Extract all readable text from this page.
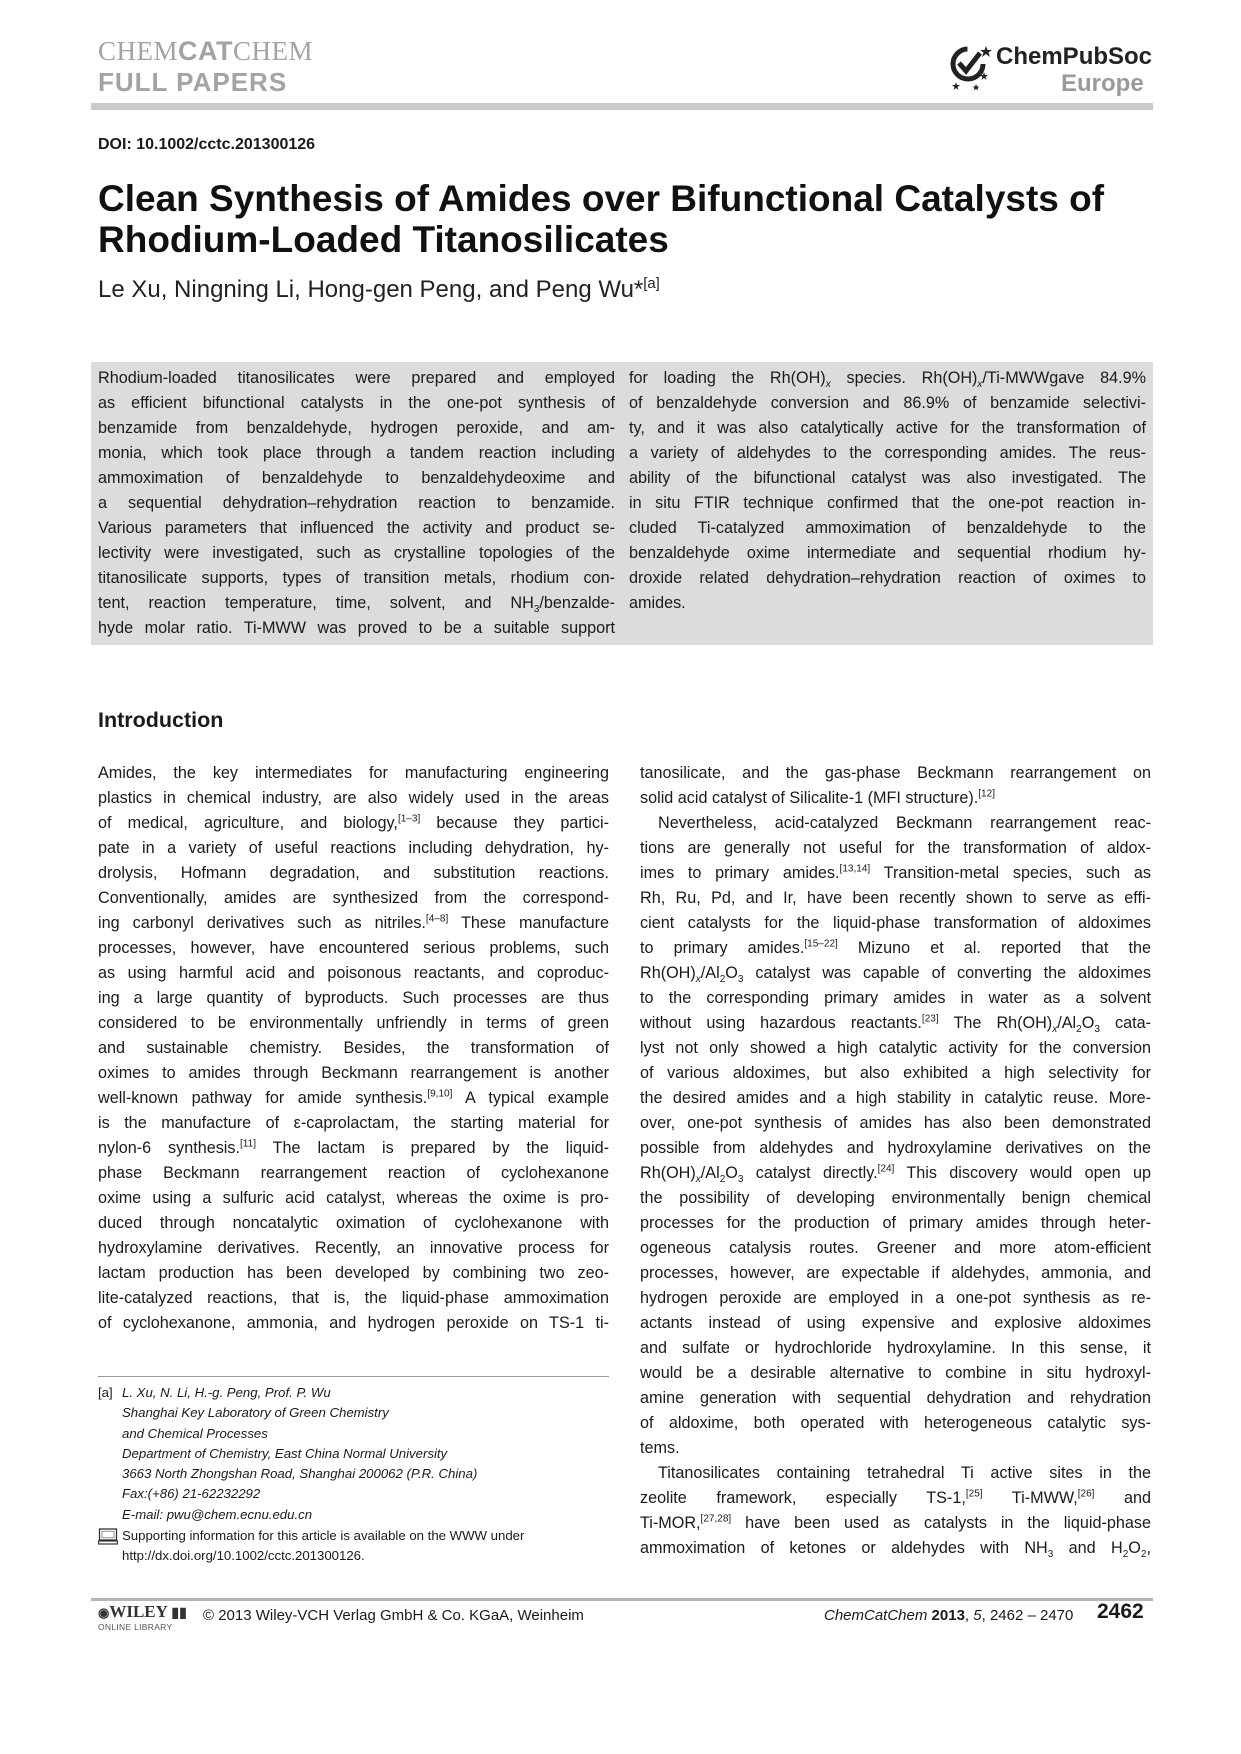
CHEMCATCHEM
FULL PAPERS
ChemPubSoc
Europe
DOI: 10.1002/cctc.201300126
Clean Synthesis of Amides over Bifunctional Catalysts of
Rhodium-Loaded Titanosilicates
Le Xu, Ningning Li, Hong-gen Peng, and Peng Wu*[a]
Rhodium-loaded titanosilicates were prepared and employed
as efficient bifunctional catalysts in the one-pot synthesis of
benzamide from benzaldehyde, hydrogen peroxide, and am-
monia, which took place through a tandem reaction including
ammoximation of benzaldehyde to benzaldehydeoxime and
a sequential dehydration–rehydration reaction to benzamide.
Various parameters that influenced the activity and product se-
lectivity were investigated, such as crystalline topologies of the
titanosilicate supports, types of transition metals, rhodium con-
tent, reaction temperature, time, solvent, and $NH_3/benzalde-$
hyde molar ratio. Ti-MWW was proved to be a suitable support
for loading the $Rh(OH)_x$ species. $Rh(OH)_x/Ti$-MWWgave 84.9%
of benzaldehyde conversion and 86.9% of benzamide selectivi-
ty, and it was also catalytically active for the transformation of
a variety of aldehydes to the corresponding amides. The reus-
ability of the bifunctional catalyst was also investigated. The
in situ FTIR technique confirmed that the one-pot reaction in-
cluded Ti-catalyzed ammoximation of benzaldehyde to the
benzaldehyde oxime intermediate and sequential rhodium hy-
droxide related dehydration–rehydration reaction of oximes to
amides.
Introduction
Amides, the key intermediates for manufacturing engineering
plastics in chemical industry, are also widely used in the areas
of medical, agriculture, and biology,[1–3] because they partici-
pate in a variety of useful reactions including dehydration, hy-
drolysis, Hofmann degradation, and substitution reactions.
Conventionally, amides are synthesized from the correspond-
ing carbonyl derivatives such as nitriles.[4–8] These manufacture
processes, however, have encountered serious problems, such
as using harmful acid and poisonous reactants, and coproduc-
ing a large quantity of byproducts. Such processes are thus
considered to be environmentally unfriendly in terms of green
and sustainable chemistry. Besides, the transformation of
oximes to amides through Beckmann rearrangement is another
well-known pathway for amide synthesis.[9,10] A typical example
is the manufacture of ε-caprolactam, the starting material for
nylon-6 synthesis.[11] The lactam is prepared by the liquid-
phase Beckmann rearrangement reaction of cyclohexanone
oxime using a sulfuric acid catalyst, whereas the oxime is pro-
duced through noncatalytic oximation of cyclohexanone with
hydroxylamine derivatives. Recently, an innovative process for
lactam production has been developed by combining two zeo-
lite-catalyzed reactions, that is, the liquid-phase ammoximation
of cyclohexanone, ammonia, and hydrogen peroxide on TS-1 ti-
tanosilicate, and the gas-phase Beckmann rearrangement on
solid acid catalyst of Silicalite-1 (MFI structure).[12]
Nevertheless, acid-catalyzed Beckmann rearrangement reac-
tions are generally not useful for the transformation of aldox-
imes to primary amides.[13,14] Transition-metal species, such as
Rh, Ru, Pd, and Ir, have been recently shown to serve as effi-
cient catalysts for the liquid-phase transformation of aldoximes
to primary amides.[15–22] Mizuno et al. reported that the
$Rh(OH)_x/Al_2O_3$ catalyst was capable of converting the aldoximes
to the corresponding primary amides in water as a solvent
without using hazardous reactants.[23] The $Rh(OH)_x/Al_2O_3$ cata-
lyst not only showed a high catalytic activity for the conversion
of various aldoximes, but also exhibited a high selectivity for
the desired amides and a high stability in catalytic reuse. More-
over, one-pot synthesis of amides has also been demonstrated
possible from aldehydes and hydroxylamine derivatives on the
$Rh(OH)_x/Al_2O_3$ catalyst directly.[24] This discovery would open up
the possibility of developing environmentally benign chemical
processes for the production of primary amides through heter-
ogeneous catalysis routes. Greener and more atom-efficient
processes, however, are expectable if aldehydes, ammonia, and
hydrogen peroxide are employed in a one-pot synthesis as re-
actants instead of using expensive and explosive aldoximes
and sulfate or hydrochloride hydroxylamine. In this sense, it
would be a desirable alternative to combine in situ hydroxyl-
amine generation with sequential dehydration and rehydration
of aldoxime, both operated with heterogeneous catalytic sys-
tems.
Titanosilicates containing tetrahedral Ti active sites in the
zeolite framework, especially TS-1,[25] Ti-MWW,[26] and
Ti-MOR,[27,28] have been used as catalysts in the liquid-phase
ammoximation of ketones or aldehydes with $NH_3$ and $H_2O_2$,
[a] L. Xu, N. Li, H.-g. Peng, Prof. P. Wu
Shanghai Key Laboratory of Green Chemistry
and Chemical Processes
Department of Chemistry, East China Normal University
3663 North Zhongshan Road, Shanghai 200062 (P.R. China)
Fax:(+86) 21-62232292
E-mail: pwu@chem.ecnu.edu.cn
Supporting information for this article is available on the WWW under
http://dx.doi.org/10.1002/cctc.201300126.
◉WILEY ▮▮
ONLINE LIBRARY
© 2013 Wiley-VCH Verlag GmbH & Co. KGaA, Weinheim	ChemCatChem 2013, 5, 2462 – 2470 2462
